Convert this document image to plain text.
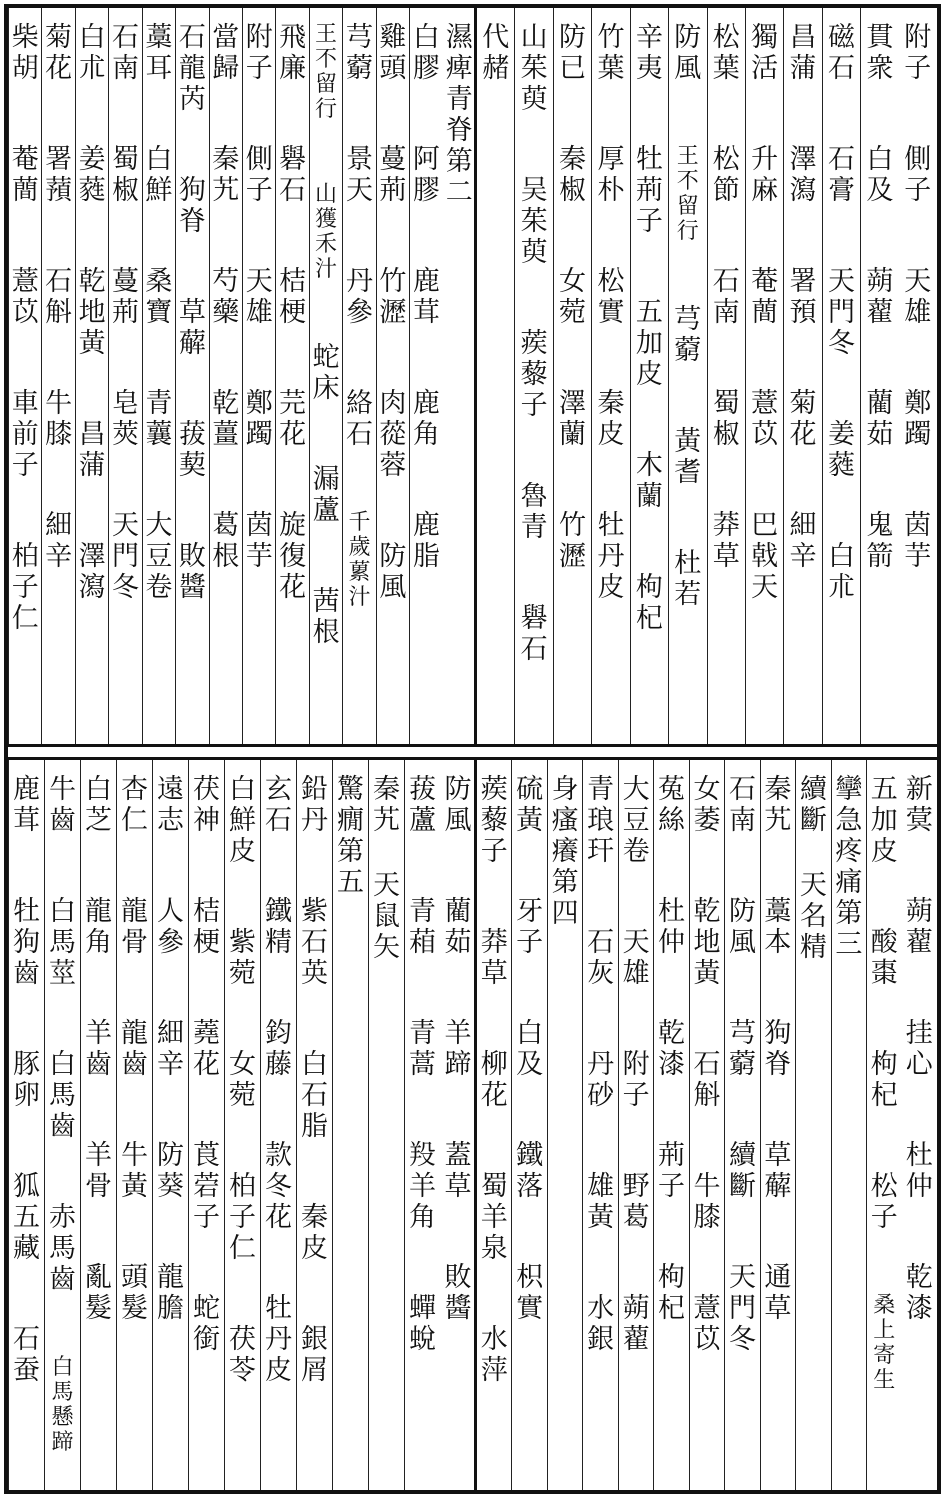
附
子
側
子
天
雄
鄭
躅
茵
芋
貫
衆
白
及
蒴
藋
藺
茹
鬼
箭
磁
石
石
膏
天
門
冬
姜
蕤
白
朮
昌
蒲
澤
瀉
署
預
菊
花
細
辛
獨
活
升
麻
菴
蕳
薏
苡
巴
戟
天
松
葉
松
節
石
南
蜀
椒
莽
草
防
風
王
不
留
行
芎
藭
黃
耆
杜
若
辛
夷
牡
荊
子
五
加
皮
木
蘭
枸
杞
竹
葉
厚
朴
松
實
秦
皮
牡
丹
皮
防
已
秦
椒
女
菀
澤
蘭
竹
瀝
山
茱
萸
吴
茱
萸
蒺
藜
子
魯
青
礜
石
代
赭
濕
痺
青
脊
第
二
白
膠
阿
膠
鹿
茸
鹿
角
鹿
脂
雞
頭
蔓
荊
竹
瀝
肉
蓯
蓉
防
風
芎
藭
景
天
丹
參
絡
石
千
歲
蔂
汁
王
不
留
行
山
獲
禾
汁
蛇
床
漏
蘆
茜
根
飛
廉
礜
石
桔
梗
芫
花
旋
復
花
附
子
側
子
天
雄
鄭
躅
茵
芋
當
歸
秦
艽
芍
藥
乾
薑
葛
根
石
龍
芮
狗
脊
草
薢
菝
葜
敗
醬
藁
耳
白
鮮
桑
寶
青
蘘
大
豆
卷
石
南
蜀
椒
蔓
荊
皂
莢
天
門
冬
白
朮
姜
蕤
乾
地
黃
昌
蒲
澤
瀉
菊
花
署
蕷
石
斛
牛
膝
細
辛
柴
胡
菴
蕳
薏
苡
車
前
子
柏
子
仁
新
蓂
蒴
藋
挂
心
杜
仲
乾
漆
五
加
皮
酸
棗
枸
杞
松
子
桑
上
寄
生
攣
急
疼
痛
第
三
續
斷
天
名
精
秦
艽
藁
本
狗
脊
草
薢
通
草
石
南
防
風
芎
藭
續
斷
天
門
冬
女
萎
乾
地
黃
石
斛
牛
膝
薏
苡
菟
絲
杜
仲
乾
漆
荊
子
枸
杞
大
豆
卷
天
雄
附
子
野
葛
蒴
藋
青
琅
玕
石
灰
丹
砂
雄
黃
水
銀
身
瘙
癢
第
四
硫
黃
牙
子
白
及
鐵
落
枳
實
蒺
藜
子
莽
草
柳
花
蜀
羊
泉
水
萍
防
風
藺
茹
羊
蹄
蓋
草
敗
醬
菝
蘆
青
葙
青
蒿
羖
羊
角
蟬
蛻
秦
艽
天
鼠
矢
驚
癇
第
五
鉛
丹
紫
石
英
白
石
脂
秦
皮
銀
屑
玄
石
鐵
精
鈞
藤
款
冬
花
牡
丹
皮
白
鮮
皮
紫
菀
女
菀
柏
子
仁
茯
苓
茯
神
桔
梗
蕘
花
莨
菪
子
蛇
銜
遠
志
人
參
細
辛
防
葵
龍
膽
杏
仁
龍
骨
龍
齒
牛
黃
頭
髮
白
芝
龍
角
羊
齒
羊
骨
亂
髮
牛
齒
白
馬
莖
白
馬
齒
赤
馬
齒
白
馬
懸
蹄
鹿
茸
牡
狗
齒
豚
卵
狐
五
藏
石
蚕
